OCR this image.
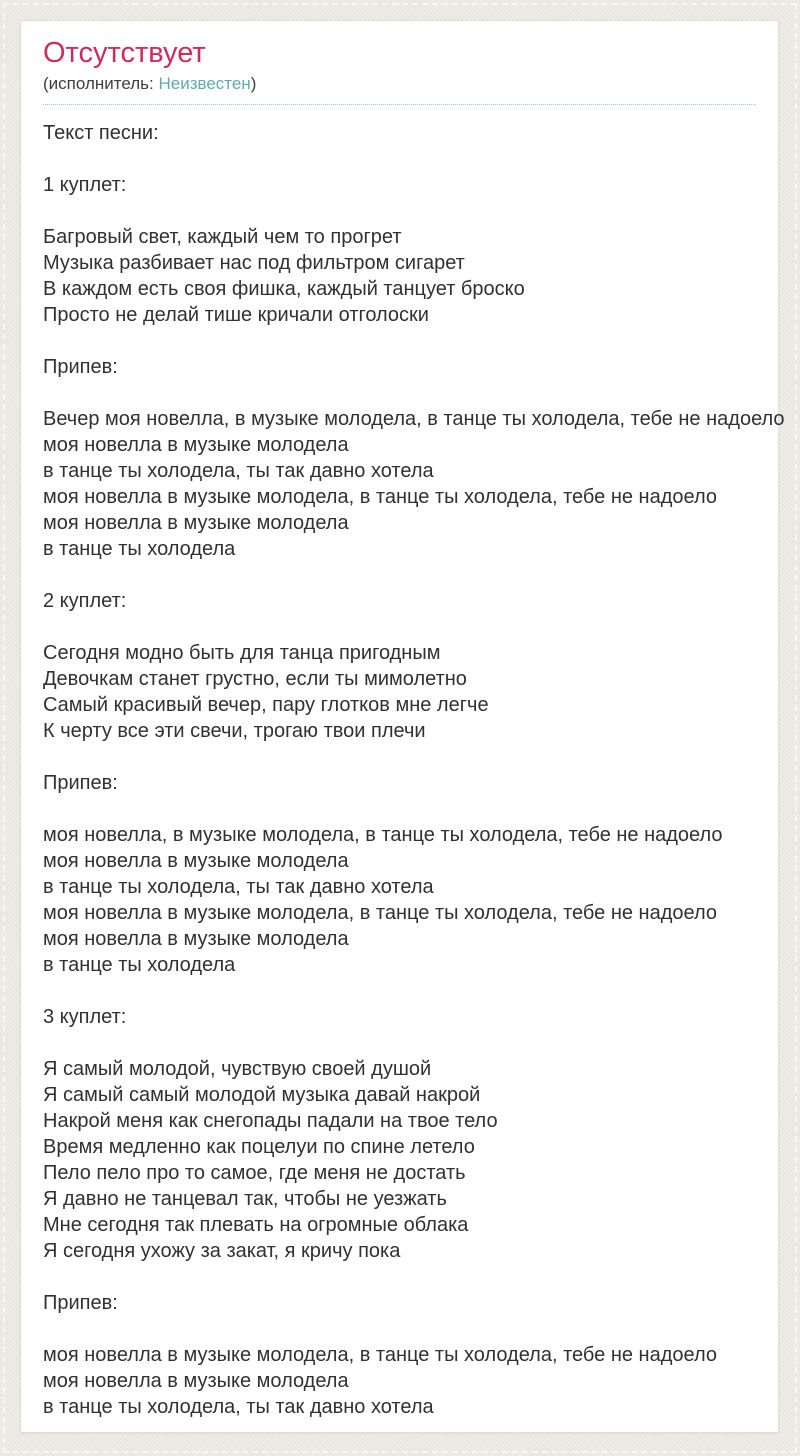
Отсутствует
(исполнитель: Неизвестен)
Текст песни:

1 куплет:

Багровый свет, каждый чем то прогрет
Музыка разбивает нас под фильтром сигарет
В каждом есть своя фишка, каждый танцует броско
Просто не делай тише кричали отголоски

Припев:

Вечер моя новелла, в музыке молодела, в танце ты холодела, тебе не надоело
моя новелла в музыке молодела
в танце ты холодела, ты так давно хотела
моя новелла в музыке молодела, в танце ты холодела, тебе не надоело
моя новелла в музыке молодела
в танце ты холодела

2 куплет:

Сегодня модно быть для танца пригодным
Девочкам станет грустно, если ты мимолетно
Самый красивый вечер, пару глотков мне легче
К черту все эти свечи, трогаю твои плечи

Припев:

моя новелла, в музыке молодела, в танце ты холодела, тебе не надоело
моя новелла в музыке молодела
в танце ты холодела, ты так давно хотела
моя новелла в музыке молодела, в танце ты холодела, тебе не надоело
моя новелла в музыке молодела
в танце ты холодела

3 куплет:

Я самый молодой, чувствую своей душой
Я самый самый молодой музыка давай накрой
Накрой меня как снегопады падали на твое тело
Время медленно как поцелуи по спине летело
Пело пело про то самое, где меня не достать
Я давно не танцевал так, чтобы не уезжать
Мне сегодня так плевать на огромные облака
Я сегодня ухожу за закат, я кричу пока

Припев:

моя новелла в музыке молодела, в танце ты холодела, тебе не надоело
моя новелла в музыке молодела
в танце ты холодела, ты так давно хотела
